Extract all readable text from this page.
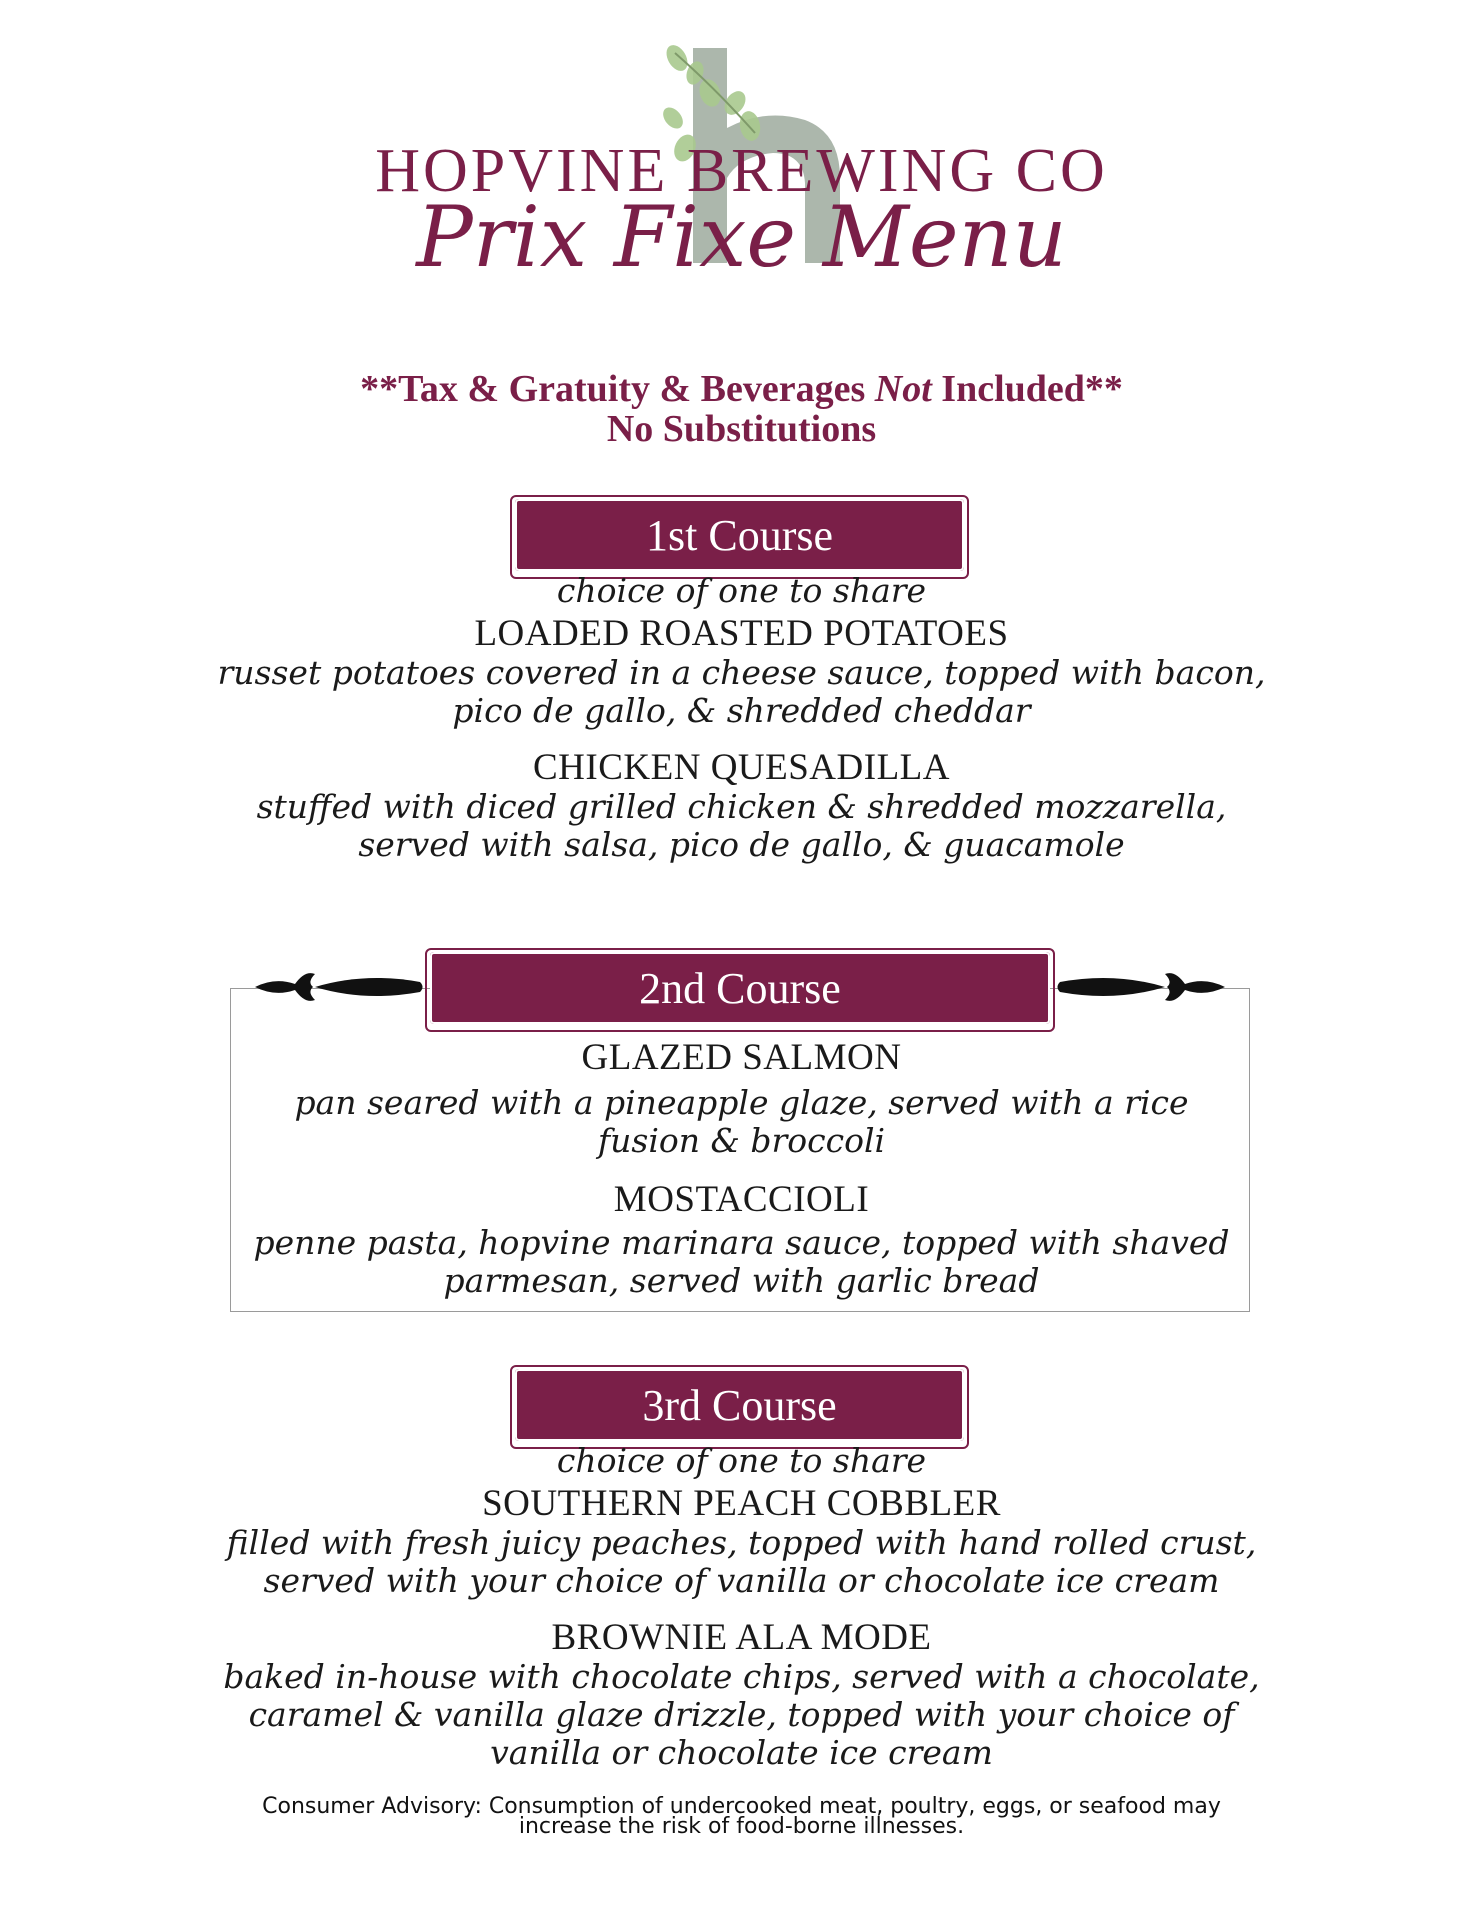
HOPVINE BREWING CO
Prix Fixe Menu
**Tax & Gratuity & Beverages Not Included**
No Substitutions
1st Course
choice of one to share
LOADED ROASTED POTATOES
russet potatoes covered in a cheese sauce, topped with bacon,
pico de gallo, & shredded cheddar
CHICKEN QUESADILLA
stuffed with diced grilled chicken & shredded mozzarella,
served with salsa, pico de gallo, & guacamole
2nd Course
GLAZED SALMON
pan seared with a pineapple glaze, served with a rice
fusion & broccoli
MOSTACCIOLI
penne pasta, hopvine marinara sauce, topped with shaved
parmesan, served with garlic bread
3rd Course
choice of one to share
SOUTHERN PEACH COBBLER
filled with fresh juicy peaches, topped with hand rolled crust,
served with your choice of vanilla or chocolate ice cream
BROWNIE ALA MODE
baked in-house with chocolate chips, served with a chocolate,
caramel & vanilla glaze drizzle, topped with your choice of
vanilla or chocolate ice cream
Consumer Advisory: Consumption of undercooked meat, poultry, eggs, or seafood may
increase the risk of food-borne illnesses.
